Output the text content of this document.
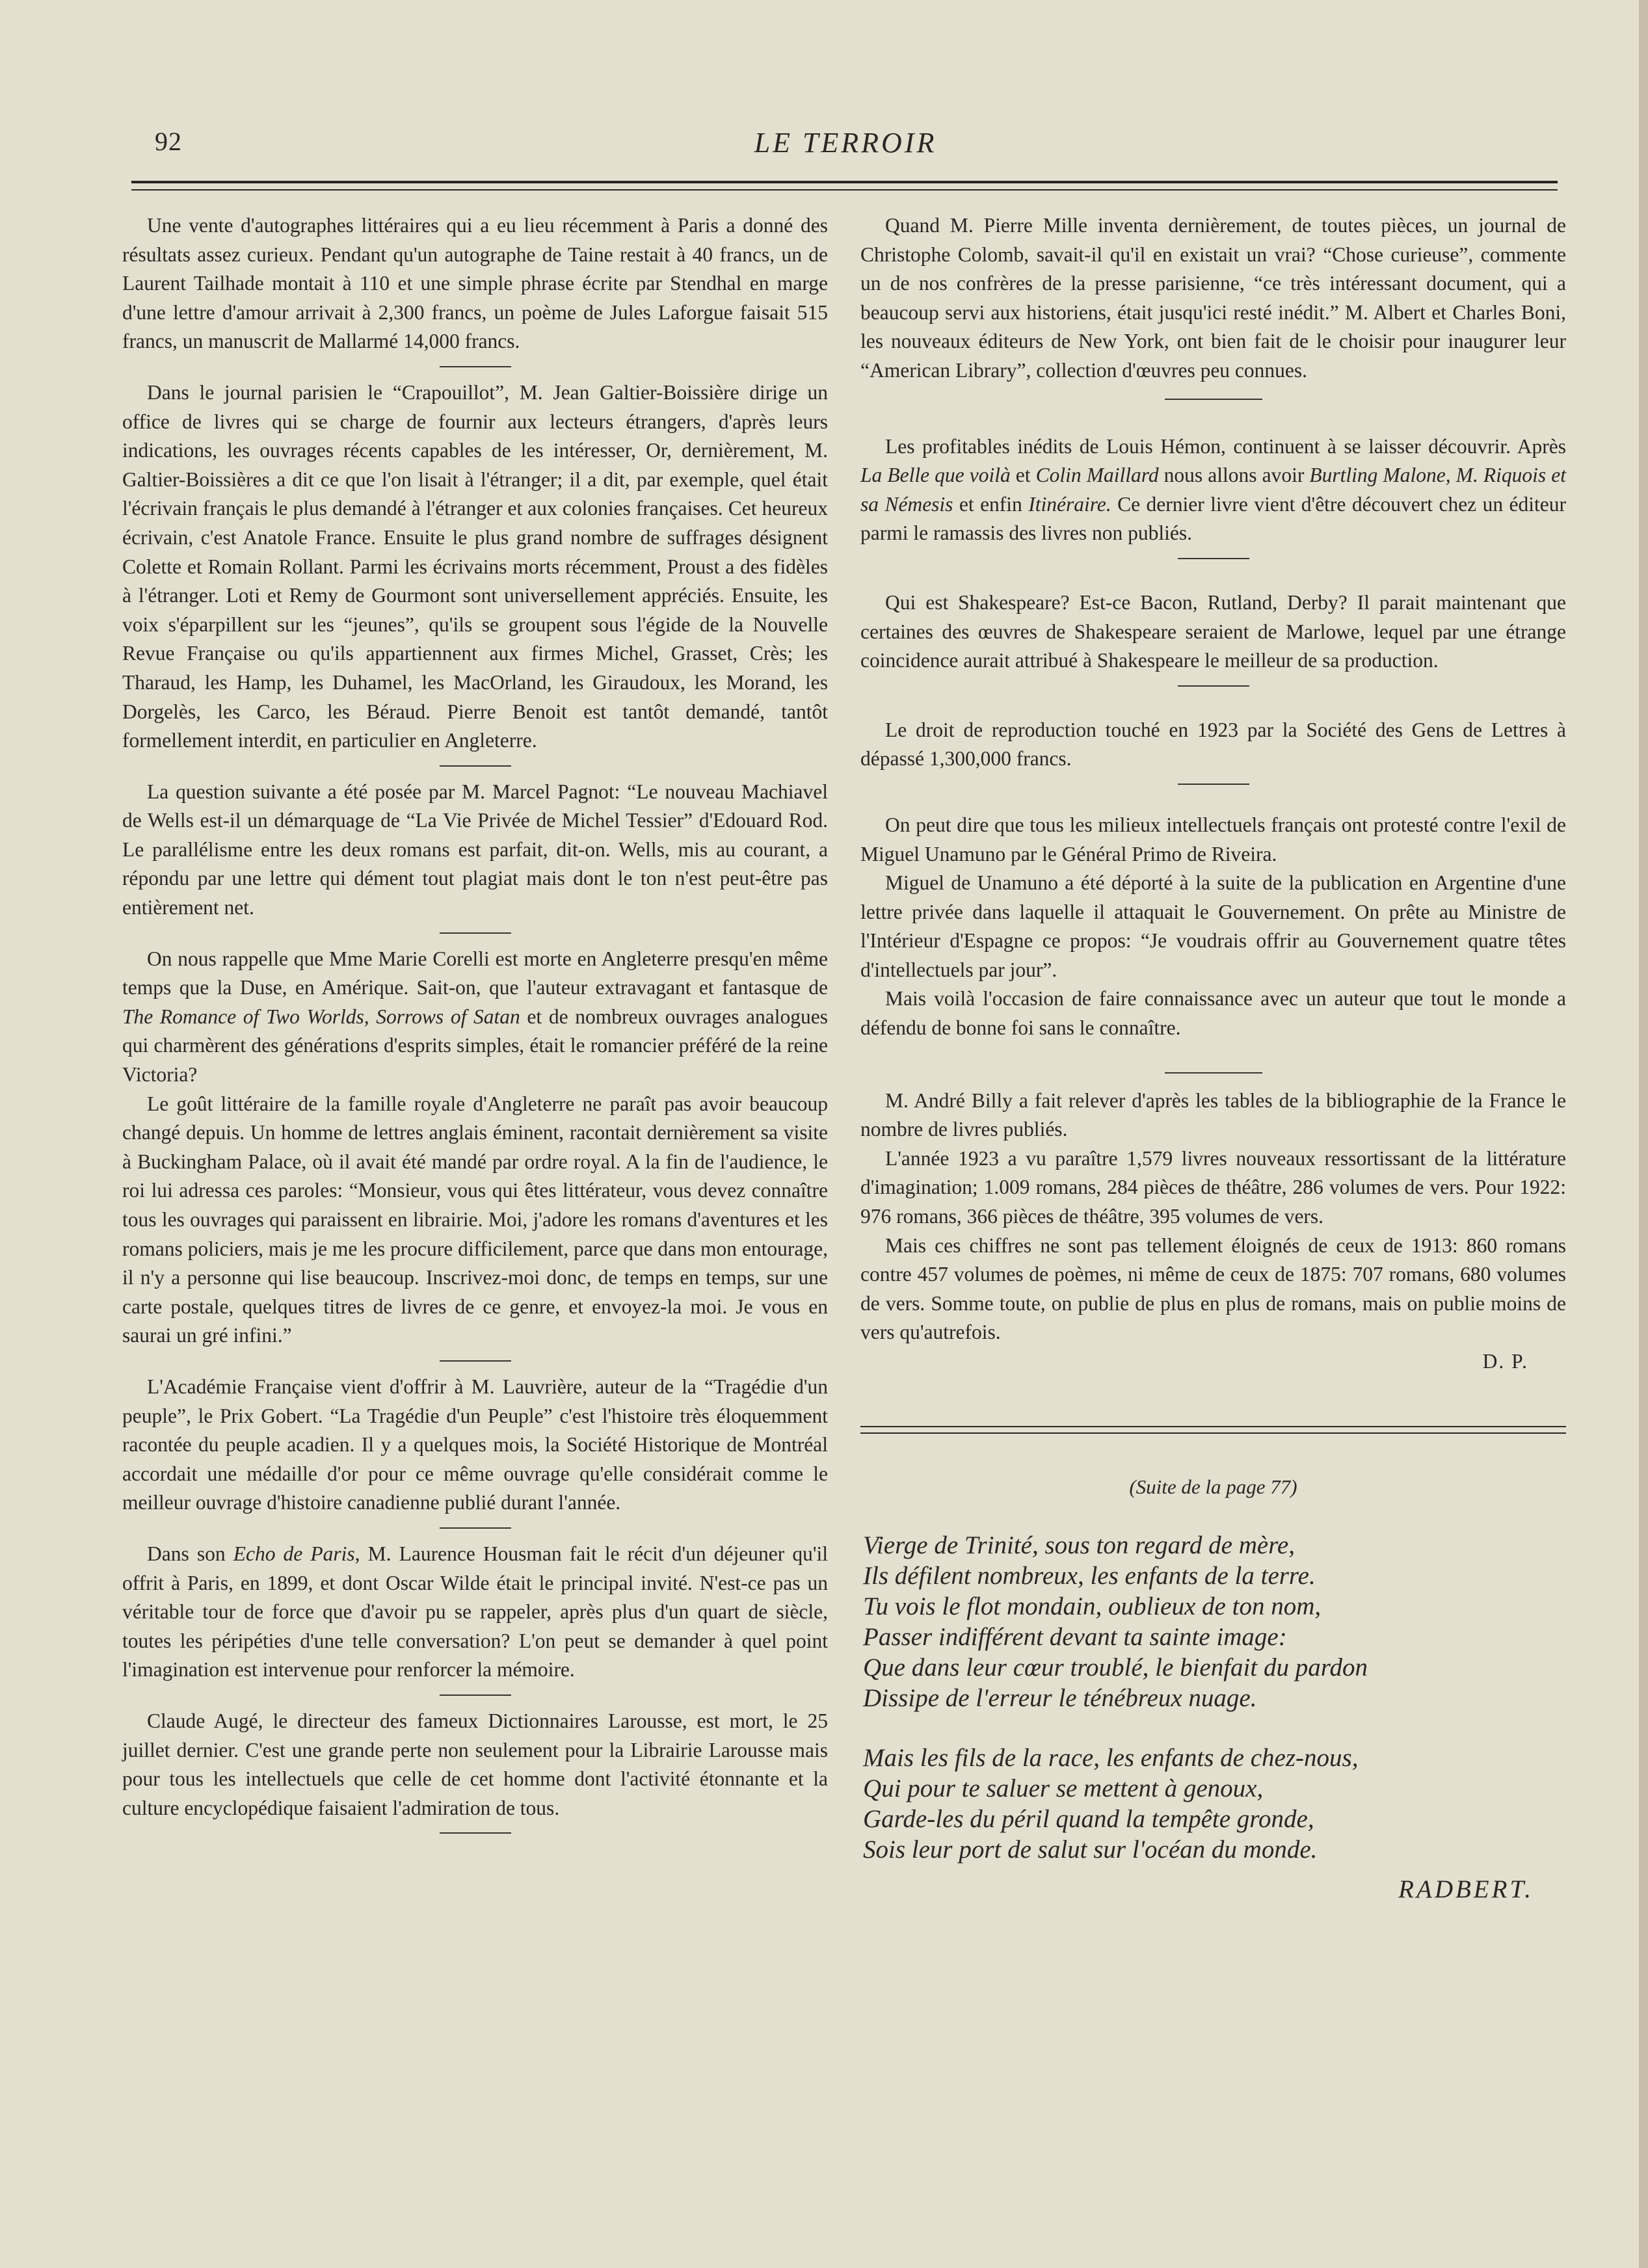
92	LE TERROIR

Une vente d'autographes littéraires qui a eu lieu récemment à Paris a donné des résultats assez curieux. Pendant qu'un autographe de Taine restait à 40 francs, un de Laurent Tailhade montait à 110 et une simple phrase écrite par Stendhal en marge d'une lettre d'amour arrivait à 2,300 francs, un poème de Jules Laforgue faisait 515 francs, un manuscrit de Mallarmé 14,000 francs.

Dans le journal parisien le “Crapouillot”, M. Jean Galtier-Boissière dirige un office de livres qui se charge de fournir aux lecteurs étrangers, d'après leurs indications, les ouvrages récents capables de les intéresser, Or, dernièrement, M. Galtier-Boissières a dit ce que l'on lisait à l'étranger; il a dit, par exemple, quel était l'écrivain français le plus demandé à l'étranger et aux colonies françaises. Cet heureux écrivain, c'est Anatole France. Ensuite le plus grand nombre de suffrages désignent Colette et Romain Rollant. Parmi les écrivains morts récemment, Proust a des fidèles à l'étranger. Loti et Remy de Gourmont sont universellement appréciés. Ensuite, les voix s'éparpillent sur les “jeunes”, qu'ils se groupent sous l'égide de la Nouvelle Revue Française ou qu'ils appartiennent aux firmes Michel, Grasset, Crès; les Tharaud, les Hamp, les Duhamel, les MacOrland, les Giraudoux, les Morand, les Dorgelès, les Carco, les Béraud. Pierre Benoit est tantôt demandé, tantôt formellement interdit, en particulier en Angleterre.

La question suivante a été posée par M. Marcel Pagnot: “Le nouveau Machiavel de Wells est-il un démarquage de “La Vie Privée de Michel Tessier” d'Edouard Rod. Le parallélisme entre les deux romans est parfait, dit-on. Wells, mis au courant, a répondu par une lettre qui dément tout plagiat mais dont le ton n'est peut-être pas entièrement net.

On nous rappelle que Mme Marie Corelli est morte en Angleterre presqu'en même temps que la Duse, en Amérique. Sait-on, que l'auteur extravagant et fantasque de The Romance of Two Worlds, Sorrows of Satan et de nombreux ouvrages analogues qui charmèrent des générations d'esprits simples, était le romancier préféré de la reine Victoria?

Le goût littéraire de la famille royale d'Angleterre ne paraît pas avoir beaucoup changé depuis. Un homme de lettres anglais éminent, racontait dernièrement sa visite à Buckingham Palace, où il avait été mandé par ordre royal. A la fin de l'audience, le roi lui adressa ces paroles: “Monsieur, vous qui êtes littérateur, vous devez connaître tous les ouvrages qui paraissent en librairie. Moi, j'adore les romans d'aventures et les romans policiers, mais je me les procure difficilement, parce que dans mon entourage, il n'y a personne qui lise beaucoup. Inscrivez-moi donc, de temps en temps, sur une carte postale, quelques titres de livres de ce genre, et envoyez-la moi. Je vous en saurai un gré infini.”

L'Académie Française vient d'offrir à M. Lauvrière, auteur de la “Tragédie d'un peuple”, le Prix Gobert. “La Tragédie d'un Peuple” c'est l'histoire très éloquemment racontée du peuple acadien. Il y a quelques mois, la Société Historique de Montréal accordait une médaille d'or pour ce même ouvrage qu'elle considérait comme le meilleur ouvrage d'histoire canadienne publié durant l'année.

Dans son Echo de Paris, M. Laurence Housman fait le récit d'un déjeuner qu'il offrit à Paris, en 1899, et dont Oscar Wilde était le principal invité. N'est-ce pas un véritable tour de force que d'avoir pu se rappeler, après plus d'un quart de siècle, toutes les péripéties d'une telle conversation? L'on peut se demander à quel point l'imagination est intervenue pour renforcer la mémoire.

Claude Augé, le directeur des fameux Dictionnaires Larousse, est mort, le 25 juillet dernier. C'est une grande perte non seulement pour la Librairie Larousse mais pour tous les intellectuels que celle de cet homme dont l'activité étonnante et la culture encyclopédique faisaient l'admiration de tous.

Quand M. Pierre Mille inventa dernièrement, de toutes pièces, un journal de Christophe Colomb, savait-il qu'il en existait un vrai? “Chose curieuse”, commente un de nos confrères de la presse parisienne, “ce très intéressant document, qui a beaucoup servi aux historiens, était jusqu'ici resté inédit.” M. Albert et Charles Boni, les nouveaux éditeurs de New York, ont bien fait de le choisir pour inaugurer leur “American Library”, collection d'œuvres peu connues.

Les profitables inédits de Louis Hémon, continuent à se laisser découvrir. Après La Belle que voilà et Colin Maillard nous allons avoir Burtling Malone, M. Riquois et sa Némesis et enfin Itinéraire. Ce dernier livre vient d'être découvert chez un éditeur parmi le ramassis des livres non publiés.

Qui est Shakespeare? Est-ce Bacon, Rutland, Derby? Il parait maintenant que certaines des œuvres de Shakespeare seraient de Marlowe, lequel par une étrange coincidence aurait attribué à Shakespeare le meilleur de sa production.

Le droit de reproduction touché en 1923 par la Société des Gens de Lettres à dépassé 1,300,000 francs.

On peut dire que tous les milieux intellectuels français ont protesté contre l'exil de Miguel Unamuno par le Général Primo de Riveira.

Miguel de Unamuno a été déporté à la suite de la publication en Argentine d'une lettre privée dans laquelle il attaquait le Gouvernement. On prête au Ministre de l'Intérieur d'Espagne ce propos: “Je voudrais offrir au Gouvernement quatre têtes d'intellectuels par jour”.

Mais voilà l'occasion de faire connaissance avec un auteur que tout le monde a défendu de bonne foi sans le connaître.

M. André Billy a fait relever d'après les tables de la bibliographie de la France le nombre de livres publiés.

L'année 1923 a vu paraître 1,579 livres nouveaux ressortissant de la littérature d'imagination; 1.009 romans, 284 pièces de théâtre, 286 volumes de vers. Pour 1922: 976 romans, 366 pièces de théâtre, 395 volumes de vers.

Mais ces chiffres ne sont pas tellement éloignés de ceux de 1913: 860 romans contre 457 volumes de poèmes, ni même de ceux de 1875: 707 romans, 680 volumes de vers. Somme toute, on publie de plus en plus de romans, mais on publie moins de vers qu'autrefois.

D. P.

(Suite de la page 77)
Vierge de Trinité, sous ton regard de mère,
Ils défilent nombreux, les enfants de la terre.
Tu vois le flot mondain, oublieux de ton nom,
Passer indifférent devant ta sainte image:
Que dans leur cœur troublé, le bienfait du pardon
Dissipe de l'erreur le ténébreux nuage.
Mais les fils de la race, les enfants de chez-nous,
Qui pour te saluer se mettent à genoux,
Garde-les du péril quand la tempête gronde,
Sois leur port de salut sur l'océan du monde.
RADBERT.
